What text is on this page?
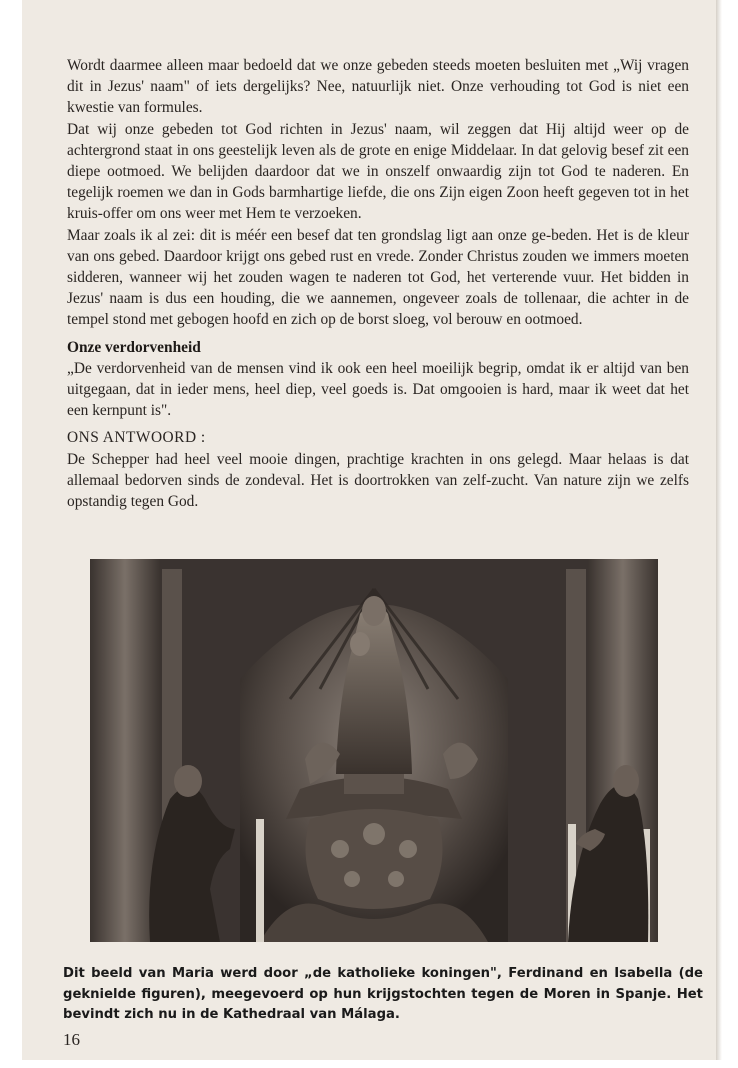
Wordt daarmee alleen maar bedoeld dat we onze gebeden steeds moeten besluiten met „Wij vragen dit in Jezus' naam" of iets dergelijks? Nee, natuurlijk niet. Onze verhouding tot God is niet een kwestie van formules.

Dat wij onze gebeden tot God richten in Jezus' naam, wil zeggen dat Hij altijd weer op de achtergrond staat in ons geestelijk leven als de grote en enige Middelaar. In dat gelovig besef zit een diepe ootmoed. We belijden daardoor dat we in onszelf onwaardig zijn tot God te naderen. En tegelijk roemen we dan in Gods barmhartige liefde, die ons Zijn eigen Zoon heeft gegeven tot in het kruis-offer om ons weer met Hem te verzoeken.

Maar zoals ik al zei: dit is méér een besef dat ten grondslag ligt aan onze ge-beden. Het is de kleur van ons gebed. Daardoor krijgt ons gebed rust en vrede. Zonder Christus zouden we immers moeten sidderen, wanneer wij het zouden wagen te naderen tot God, het verterende vuur. Het bidden in Jezus' naam is dus een houding, die we aannemen, ongeveer zoals de tollenaar, die achter in de tempel stond met gebogen hoofd en zich op de borst sloeg, vol berouw en ootmoed.

Onze verdorvenheid

„De verdorvenheid van de mensen vind ik ook een heel moeilijk begrip, omdat ik er altijd van ben uitgegaan, dat in ieder mens, heel diep, veel goeds is. Dat omgooien is hard, maar ik weet dat het een kernpunt is".

ONS ANTWOORD :

De Schepper had heel veel mooie dingen, prachtige krachten in ons gelegd. Maar helaas is dat allemaal bedorven sinds de zondeval. Het is doortrokken van zelf-zucht. Van nature zijn we zelfs opstandig tegen God.

Dit beeld van Maria werd door „de katholieke koningen", Ferdinand en Isabella (de geknielde figuren), meegevoerd op hun krijgstochten tegen de Moren in Spanje. Het bevindt zich nu in de Kathedraal van Málaga.
16
